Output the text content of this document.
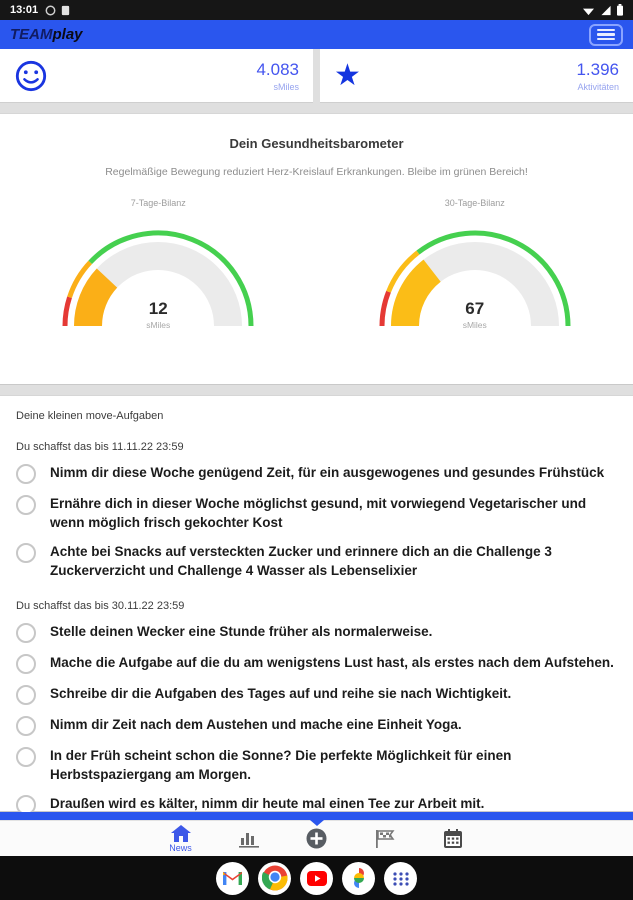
13:01
TEAMplay
4.083
sMiles ★	1.396
Aktivitäten
Dein Gesundheitsbarometer
Regelmäßige Bewegung reduziert Herz-Kreislauf Erkrankungen. Bleibe im grünen Bereich!
7-Tage-Bilanz
12
sMiles
30-Tage-Bilanz
67
sMiles
Deine kleinen move-Aufgaben
Du schaffst das bis 11.11.22 23:59
Nimm dir diese Woche genügend Zeit, für ein ausgewogenes und gesundes Frühstück
Ernähre dich in dieser Woche möglichst gesund, mit vorwiegend Vegetarischer und wenn möglich frisch gekochter Kost
Achte bei Snacks auf versteckten Zucker und erinnere dich an die Challenge 3 Zuckerverzicht und Challenge 4 Wasser als Lebenselixier
Du schaffst das bis 30.11.22 23:59
Stelle deinen Wecker eine Stunde früher als normalerweise.
Mache die Aufgabe auf die du am wenigstens Lust hast, als erstes nach dem Aufstehen.
Schreibe dir die Aufgaben des Tages auf und reihe sie nach Wichtigkeit.
Nimm dir Zeit nach dem Austehen und mache eine Einheit Yoga.
In der Früh scheint schon die Sonne? Die perfekte Möglichkeit für einen Herbstspaziergang am Morgen.
Draußen wird es kälter, nimm dir heute mal einen Tee zur Arbeit mit.
News
